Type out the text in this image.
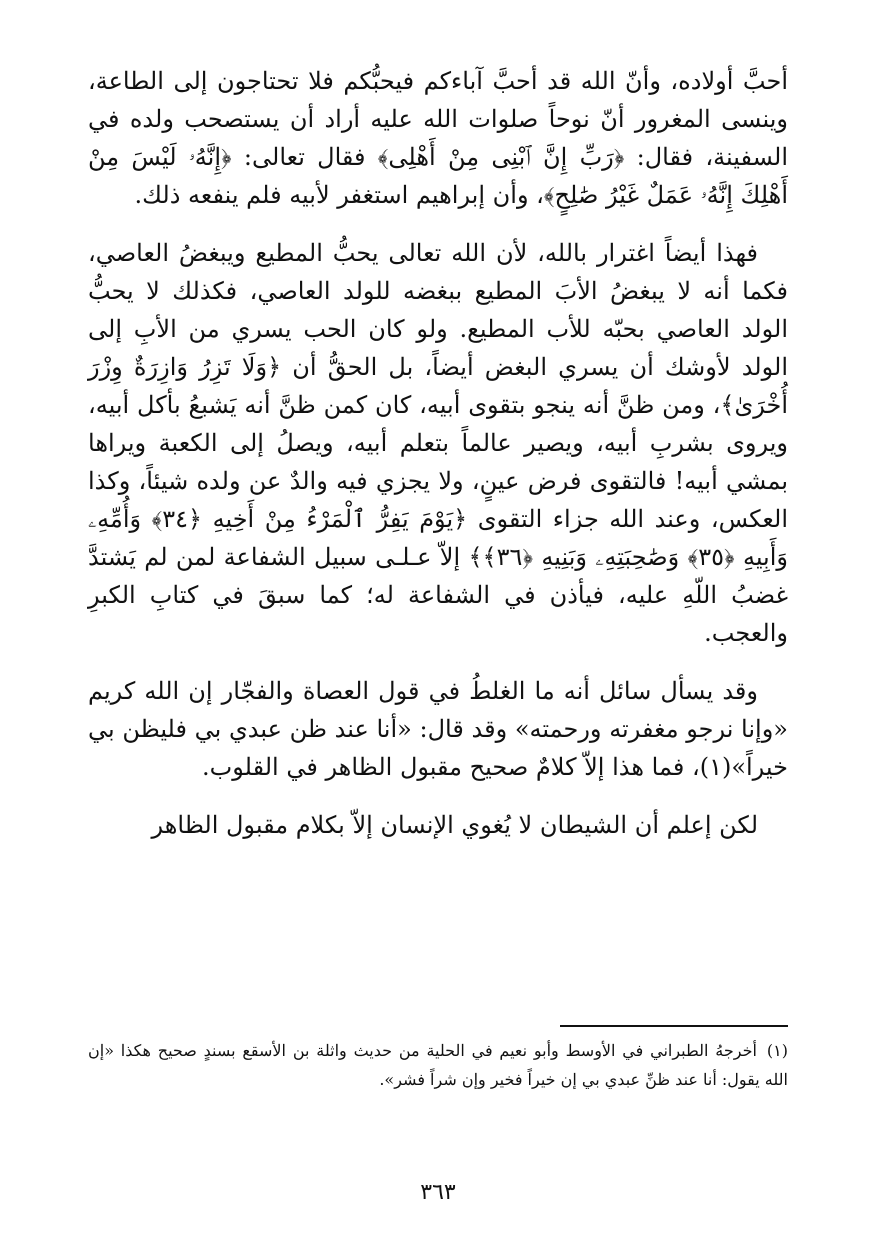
أحبَّ أولاده، وأنّ الله قد أحبَّ آباءكم فيحبُّكم فلا تحتاجون إلى الطاعة، وينسى المغرور أنّ نوحاً صلوات الله عليه أراد أن يستصحب ولده في السفينة، فقال: ﴿رَبِّ إِنَّ ٱبْنِى مِنْ أَهْلِى﴾ فقال تعالى: ﴿إِنَّهُۥ لَيْسَ مِنْ أَهْلِكَ إِنَّهُۥ عَمَلٌ غَيْرُ صَٰلِحٍ﴾، وأن إبراهيم استغفر لأبيه فلم ينفعه ذلك.

فهذا أيضاً اغترار بالله، لأن الله تعالى يحبُّ المطيع ويبغضُ العاصي، فكما أنه لا يبغضُ الأبَ المطيع ببغضه للولد العاصي، فكذلك لا يحبُّ الولد العاصي بحبّه للأب المطيع. ولو كان الحب يسري من الأبِ إلى الولد لأوشك أن يسري البغض أيضاً، بل الحقُّ أن ﴿وَلَا تَزِرُ وَازِرَةٌ وِزْرَ أُخْرَىٰ﴾، ومن ظنَّ أنه ينجو بتقوى أبيه، كان كمن ظنَّ أنه يَشبعُ بأكل أبيه، ويروى بشربِ أبيه، ويصير عالماً بتعلم أبيه، ويصلُ إلى الكعبة ويراها بمشي أبيه! فالتقوى فرض عينٍ، ولا يجزي فيه والدٌ عن ولده شيئاً، وكذا العكس، وعند الله جزاء التقوى ﴿يَوْمَ يَفِرُّ ٱلْمَرْءُ مِنْ أَخِيهِ ﴿٣٤﴾ وَأُمِّهِۦ وَأَبِيهِ ﴿٣٥﴾ وَصَٰحِبَتِهِۦ وَبَنِيهِ ﴿٣٦﴾﴾ إلاّ عـلـى سبيل الشفاعة لمن لم يَشتدَّ غضبُ اللّهِ عليه، فيأذن في الشفاعة له؛ كما سبقَ في كتابِ الكبرِ والعجب.

وقد يسأل سائل أنه ما الغلطُ في قول العصاة والفجّار إن الله كريم «وإنا نرجو مغفرته ورحمته» وقد قال: «أنا عند ظن عبدي بي فليظن بي خيراً»(١)، فما هذا إلاّ كلامٌ صحيح مقبول الظاهر في القلوب.

لكن إعلم أن الشيطان لا يُغوي الإنسان إلاّ بكلام مقبول الظاهر

(١)أخرجهُ الطبراني في الأوسط وأبو نعيم في الحلية من حديث واثلة بن الأسقع بسندٍ صحيح هكذا «إن الله يقول: أنا عند ظنِّ عبدي بي إن خيراً فخير وإن شراً فشر».
٣٦٣
